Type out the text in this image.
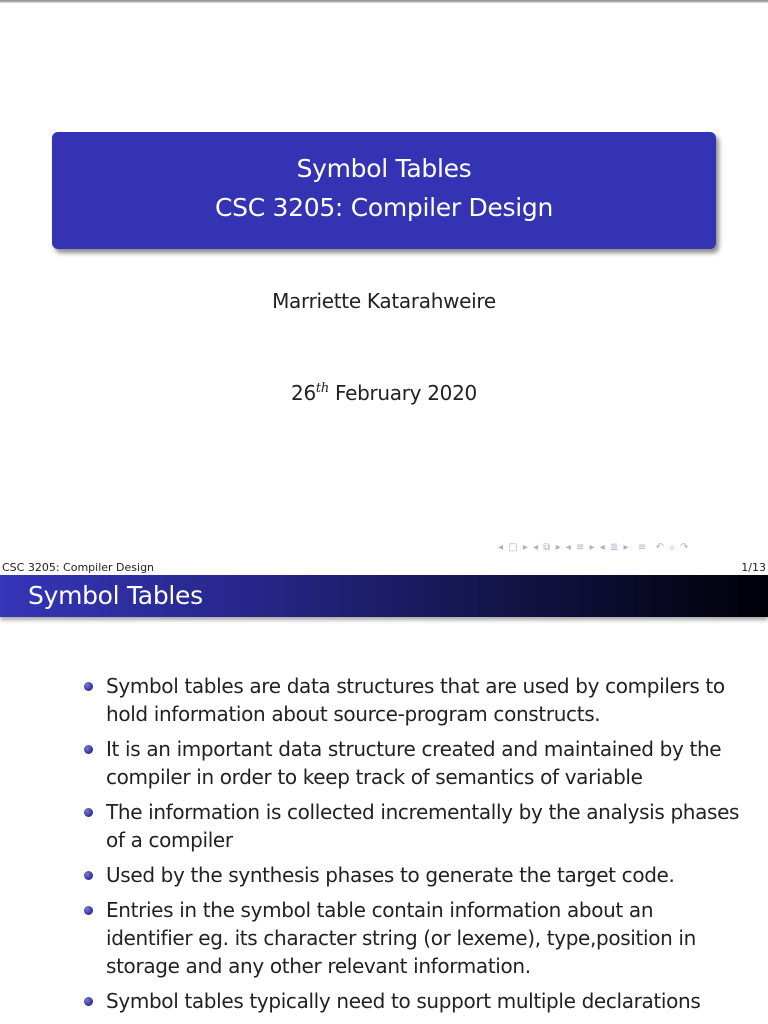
Symbol Tables
CSC 3205: Compiler Design
Marriette Katarahweire
26th February 2020
◂ □ ▸ ◂ ⧉ ▸ ◂ ≡ ▸ ◂ ≣ ▸  ≡  ↶ ⌕ ↷
CSC 3205: Compiler Design	1/13
Symbol Tables
Symbol tables are data structures that are used by compilers to hold information about source-program constructs.
It is an important data structure created and maintained by the compiler in order to keep track of semantics of variable
The information is collected incrementally by the analysis phases of a compiler
Used by the synthesis phases to generate the target code.
Entries in the symbol table contain information about an identifier eg. its character string (or lexeme), type,position in storage and any other relevant information.
Symbol tables typically need to support multiple declarations
